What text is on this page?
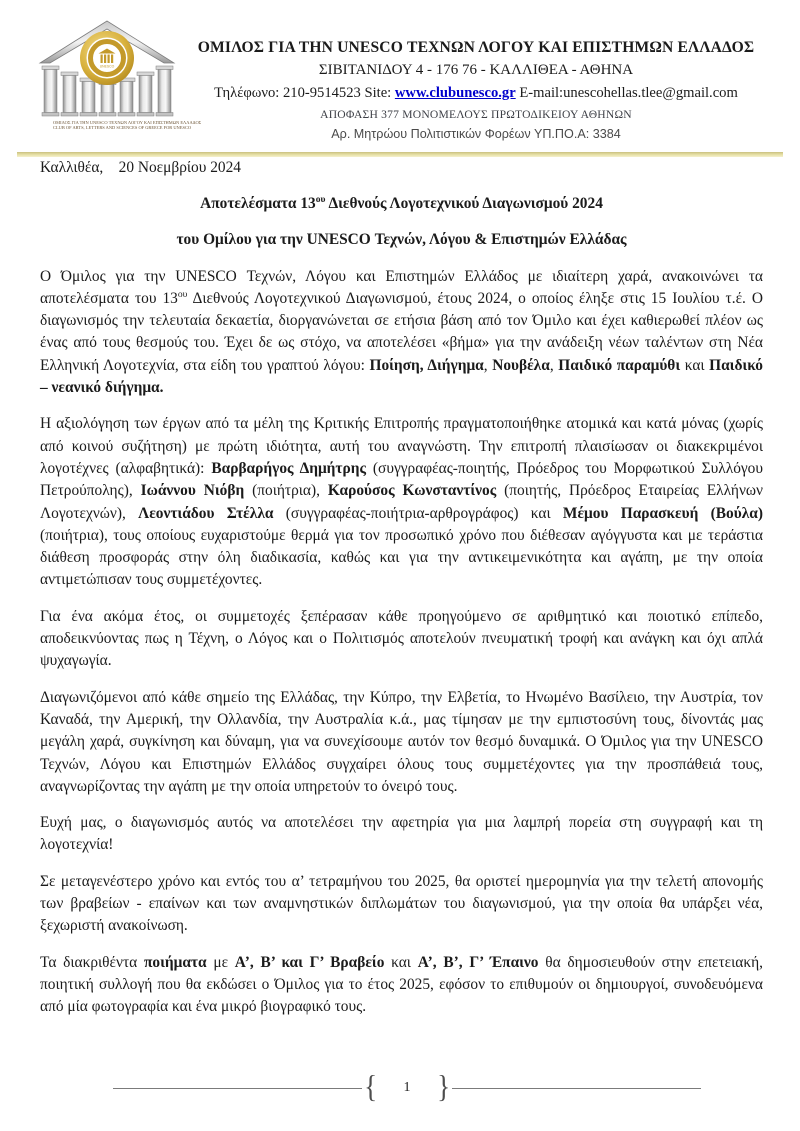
UNESCO
ΟΜΙΛΟΣ ΓΙΑ ΤΗΝ UNESCO ΤΕΧΝΩΝ ΛΟΓΟΥ ΚΑΙ ΕΠΙΣΤΗΜΩΝ ΕΛΛΑΔΟΣ
CLUB OF ARTS, LETTERS AND SCIENCES OF GREECE FOR UNESCO
ΟΜΙΛΟΣ ΓΙΑ ΤΗΝ UNESCO ΤΕΧΝΩΝ ΛΟΓΟΥ ΚΑΙ ΕΠΙΣΤΗΜΩΝ ΕΛΛΑΔΟΣ
ΣΙΒΙΤΑΝΙΔΟΥ 4 - 176 76 - ΚΑΛΛΙΘΕΑ - ΑΘΗΝΑ
Τηλέφωνο: 210-9514523 Site: www.clubunesco.gr E-mail:unescohellas.tlee@gmail.com
ΑΠΟΦΑΣΗ 377 ΜΟΝΟΜΕΛΟΥΣ ΠΡΩΤΟΔΙΚΕΙΟΥ ΑΘΗΝΩΝ
Αρ. Μητρώου Πολιτιστικών Φορέων ΥΠ.ΠΟ.Α: 3384

Καλλιθέα,    20 Νοεμβρίου 2024

Αποτελέσματα $13^{o\upsilon}$ Διεθνούς Λογοτεχνικού Διαγωνισμού 2024

του Ομίλου για την UNESCO Τεχνών, Λόγου & Επιστημών Ελλάδας

Ο Όμιλος για την UNESCO Τεχνών, Λόγου και Επιστημών Ελλάδος με ιδιαίτερη χαρά, ανακοινώνει τα αποτελέσματα του $13^{o\upsilon}$ Διεθνούς Λογοτεχνικού Διαγωνισμού, έτους 2024, ο οποίος έληξε στις 15 Ιουλίου τ.έ. Ο διαγωνισμός την τελευταία δεκαετία, διοργανώνεται σε ετήσια βάση από τον Όμιλο και έχει καθιερωθεί πλέον ως ένας από τους θεσμούς του. Έχει δε ως στόχο, να αποτελέσει «βήμα» για την ανάδειξη νέων ταλέντων στη Νέα Ελληνική Λογοτεχνία, στα είδη του γραπτού λόγου: Ποίηση, Διήγημα, Νουβέλα, Παιδικό παραμύθι και Παιδικό – νεανικό διήγημα.

Η αξιολόγηση των έργων από τα μέλη της Κριτικής Επιτροπής πραγματοποιήθηκε ατομικά και κατά μόνας (χωρίς από κοινού συζήτηση) με πρώτη ιδιότητα, αυτή του αναγνώστη. Την επιτροπή πλαισίωσαν οι διακεκριμένοι λογοτέχνες (αλφαβητικά): Βαρβαρήγος Δημήτρης (συγγραφέας-ποιητής, Πρόεδρος του Μορφωτικού Συλλόγου Πετρούπολης), Ιωάννου Νιόβη (ποιήτρια), Καρούσος Κωνσταντίνος (ποιητής, Πρόεδρος Εταιρείας Ελλήνων Λογοτεχνών), Λεοντιάδου Στέλλα (συγγραφέας-ποιήτρια-αρθρογράφος) και Μέμου Παρασκευή (Βούλα) (ποιήτρια), τους οποίους ευχαριστούμε θερμά για τον προσωπικό χρόνο που διέθεσαν αγόγγυστα και με τεράστια διάθεση προσφοράς στην όλη διαδικασία, καθώς και για την αντικειμενικότητα και αγάπη, με την οποία αντιμετώπισαν τους συμμετέχοντες.

Για ένα ακόμα έτος, οι συμμετοχές ξεπέρασαν κάθε προηγούμενο σε αριθμητικό και ποιοτικό επίπεδο, αποδεικνύοντας πως η Τέχνη, ο Λόγος και ο Πολιτισμός αποτελούν πνευματική τροφή και ανάγκη και όχι απλά ψυχαγωγία.

Διαγωνιζόμενοι από κάθε σημείο της Ελλάδας, την Κύπρο, την Ελβετία, το Ηνωμένο Βασίλειο, την Αυστρία, τον Καναδά, την Αμερική, την Ολλανδία, την Αυστραλία κ.ά., μας τίμησαν με την εμπιστοσύνη τους, δίνοντάς μας μεγάλη χαρά, συγκίνηση και δύναμη, για να συνεχίσουμε αυτόν τον θεσμό δυναμικά. Ο Όμιλος για την UNESCO Τεχνών, Λόγου και Επιστημών Ελλάδος συγχαίρει όλους τους συμμετέχοντες για την προσπάθειά τους, αναγνωρίζοντας την αγάπη με την οποία υπηρετούν το όνειρό τους.

Ευχή μας, ο διαγωνισμός αυτός να αποτελέσει την αφετηρία για μια λαμπρή πορεία στη συγγραφή και τη λογοτεχνία!

Σε μεταγενέστερο χρόνο και εντός του α’ τετραμήνου του 2025, θα οριστεί ημερομηνία για την τελετή απονομής των βραβείων - επαίνων και των αναμνηστικών διπλωμάτων του διαγωνισμού, για την οποία θα υπάρξει νέα, ξεχωριστή ανακοίνωση.

Τα διακριθέντα ποιήματα με Α’, Β’ και Γ’ Βραβείο και Α’, Β’, Γ’ Έπαινο θα δημοσιευθούν στην επετειακή, ποιητική συλλογή που θα εκδώσει ο Όμιλος για το έτος 2025, εφόσον το επιθυμούν οι δημιουργοί, συνοδευόμενα από μία φωτογραφία και ένα μικρό βιογραφικό τους.

{	1 }
